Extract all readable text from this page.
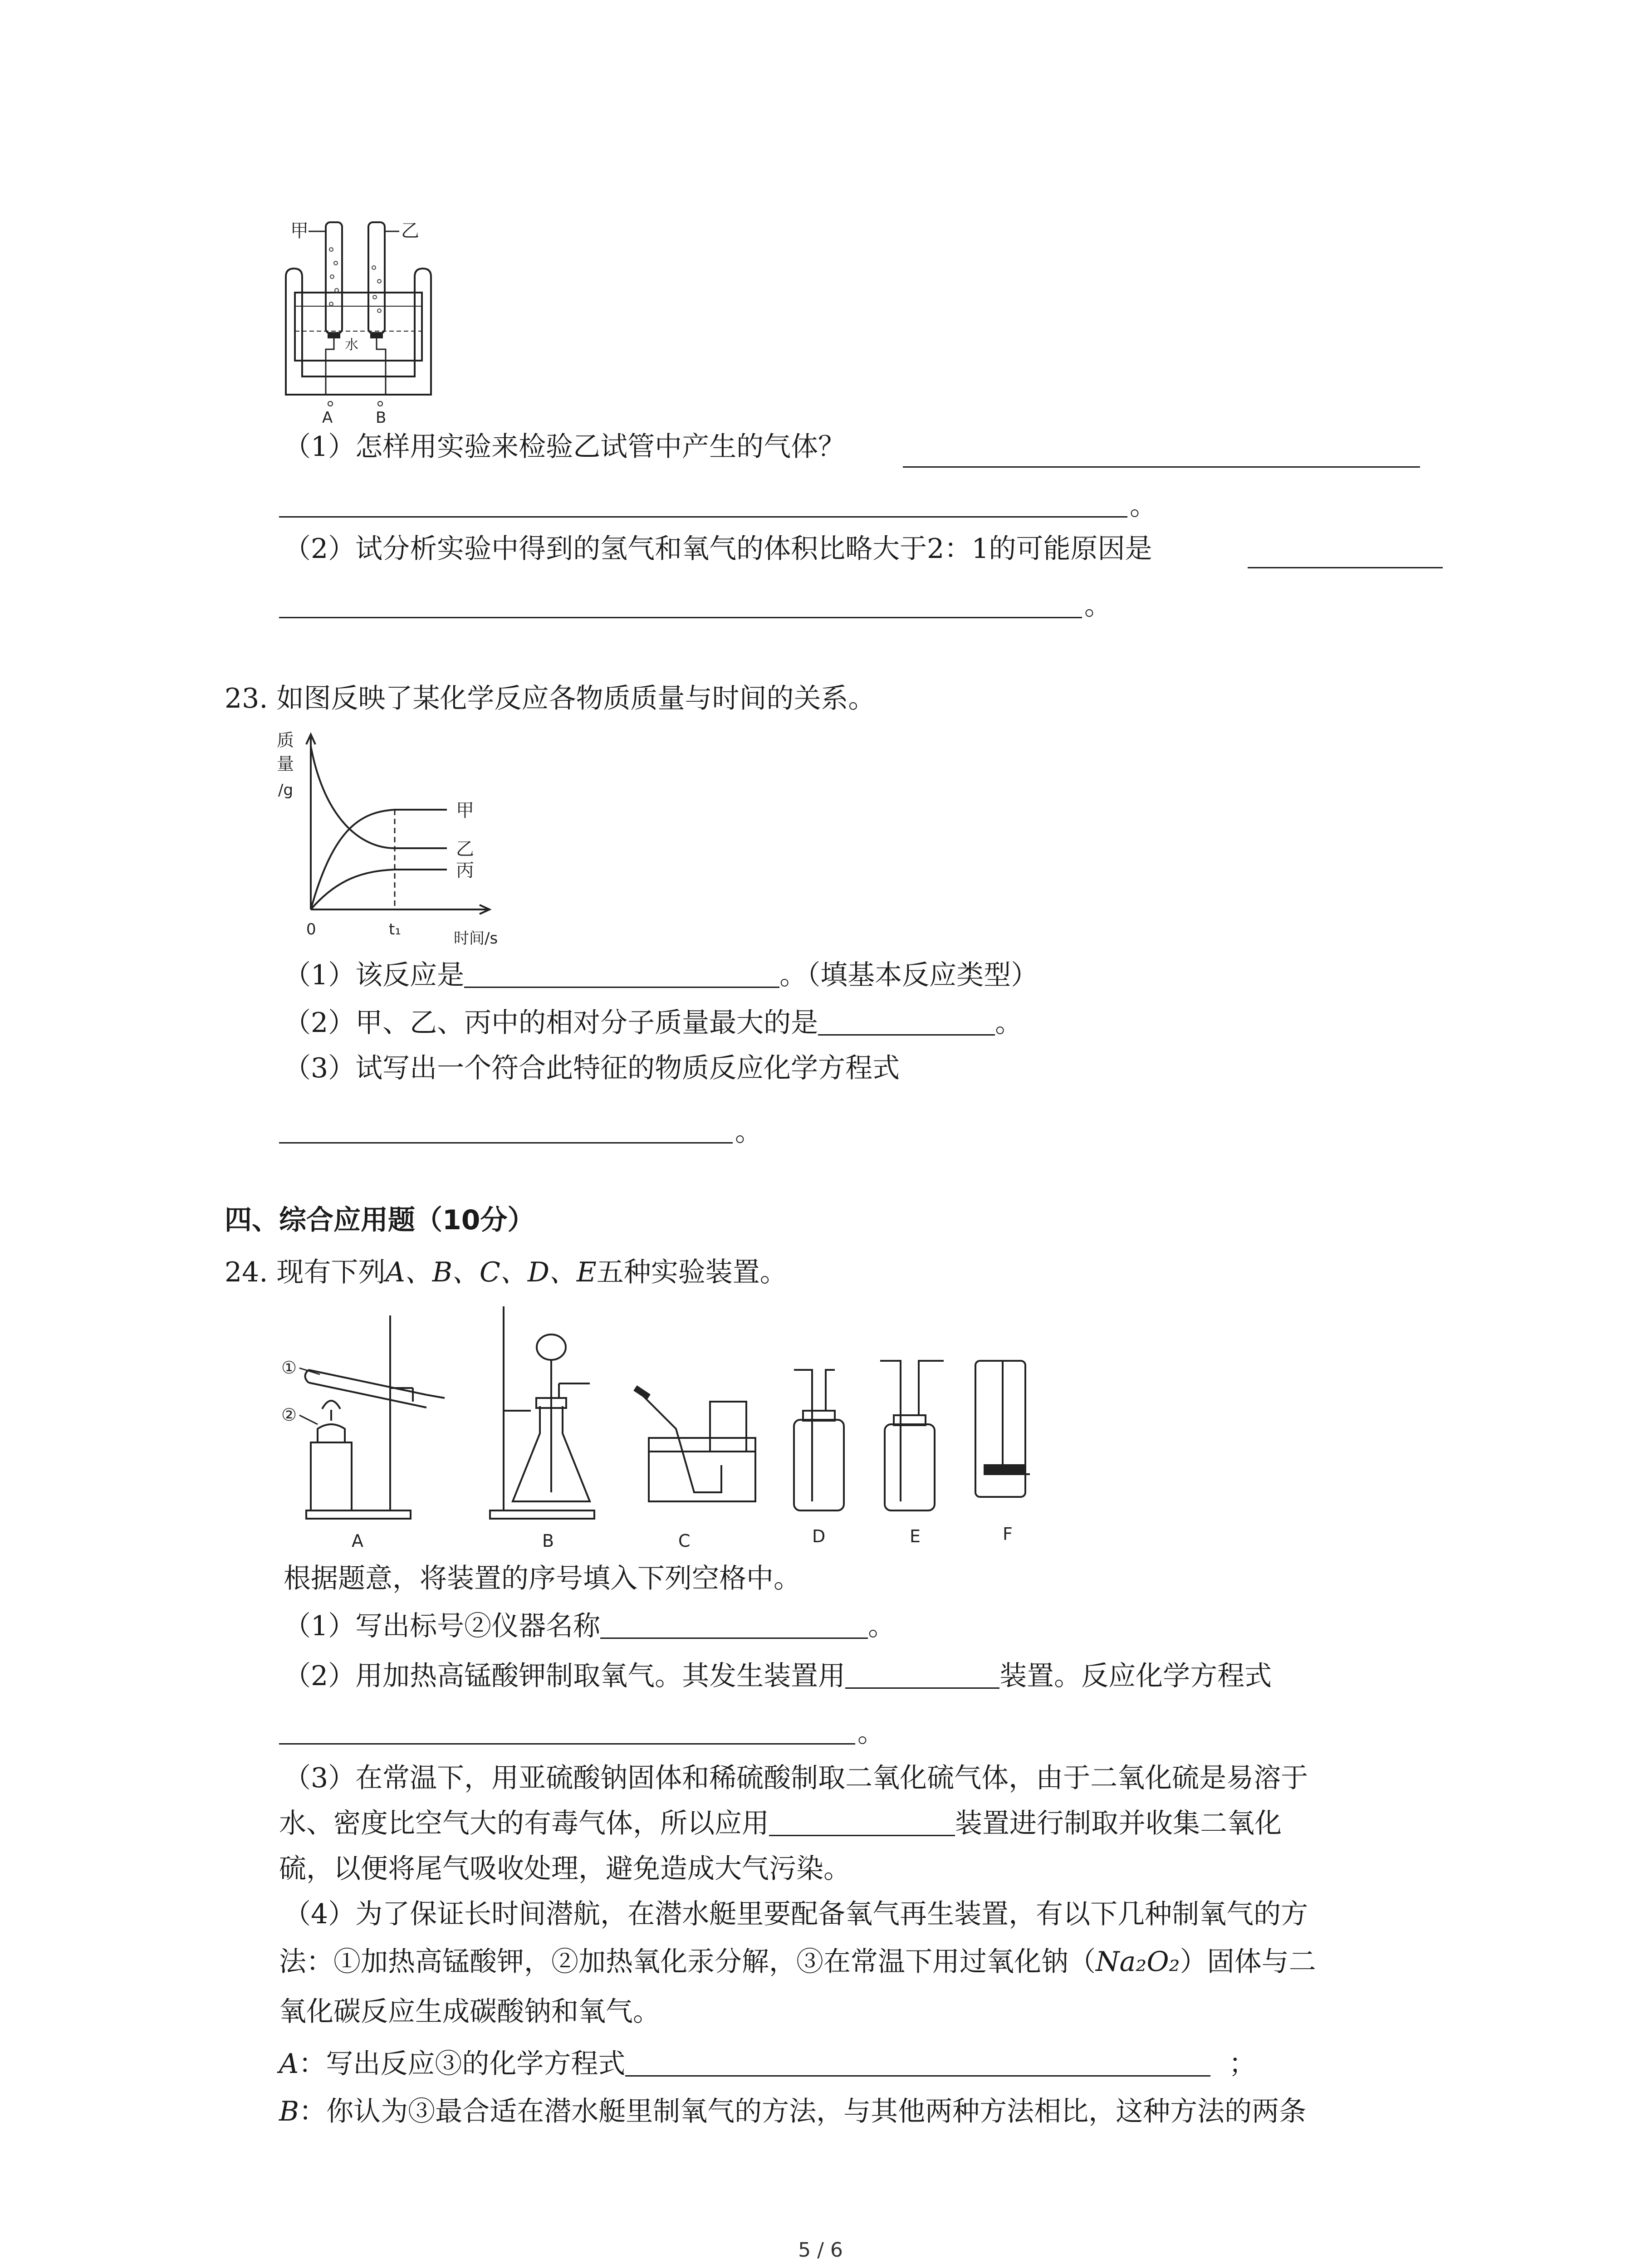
甲	乙
水
A	B
（1）怎样用实验来检验乙试管中产生的气体？
。
（2）试分析实验中得到的氢气和氧气的体积比略大于2：1的可能原因是
。
23. 如图反映了某化学反应各物质质量与时间的关系。
质
量
/g
甲
乙
丙
0	t₁	时间/s
（1）该反应是	。（填基本反应类型）
（2）甲、乙、丙中的相对分子质量最大的是	。
（3）试写出一个符合此特征的物质反应化学方程式
。
四、综合应用题（10分）
24. 现有下列A、B、C、D、E五种实验装置。
①
②
A	B	C	D	E	F
根据题意，将装置的序号填入下列空格中。
（1）写出标号②仪器名称	。
（2）用加热高锰酸钾制取氧气。其发生装置用	装置。反应化学方程式
。
（3）在常温下，用亚硫酸钠固体和稀硫酸制取二氧化硫气体，由于二氧化硫是易溶于
水、密度比空气大的有毒气体，所以应用	装置进行制取并收集二氧化
硫，以便将尾气吸收处理，避免造成大气污染。
（4）为了保证长时间潜航，在潜水艇里要配备氧气再生装置，有以下几种制氧气的方
法：①加热高锰酸钾，②加热氧化汞分解，③在常温下用过氧化钠（Na₂O₂）固体与二
氧化碳反应生成碳酸钠和氧气。
A：写出反应③的化学方程式	；
B：你认为③最合适在潜水艇里制氧气的方法，与其他两种方法相比，这种方法的两条
5 / 6
